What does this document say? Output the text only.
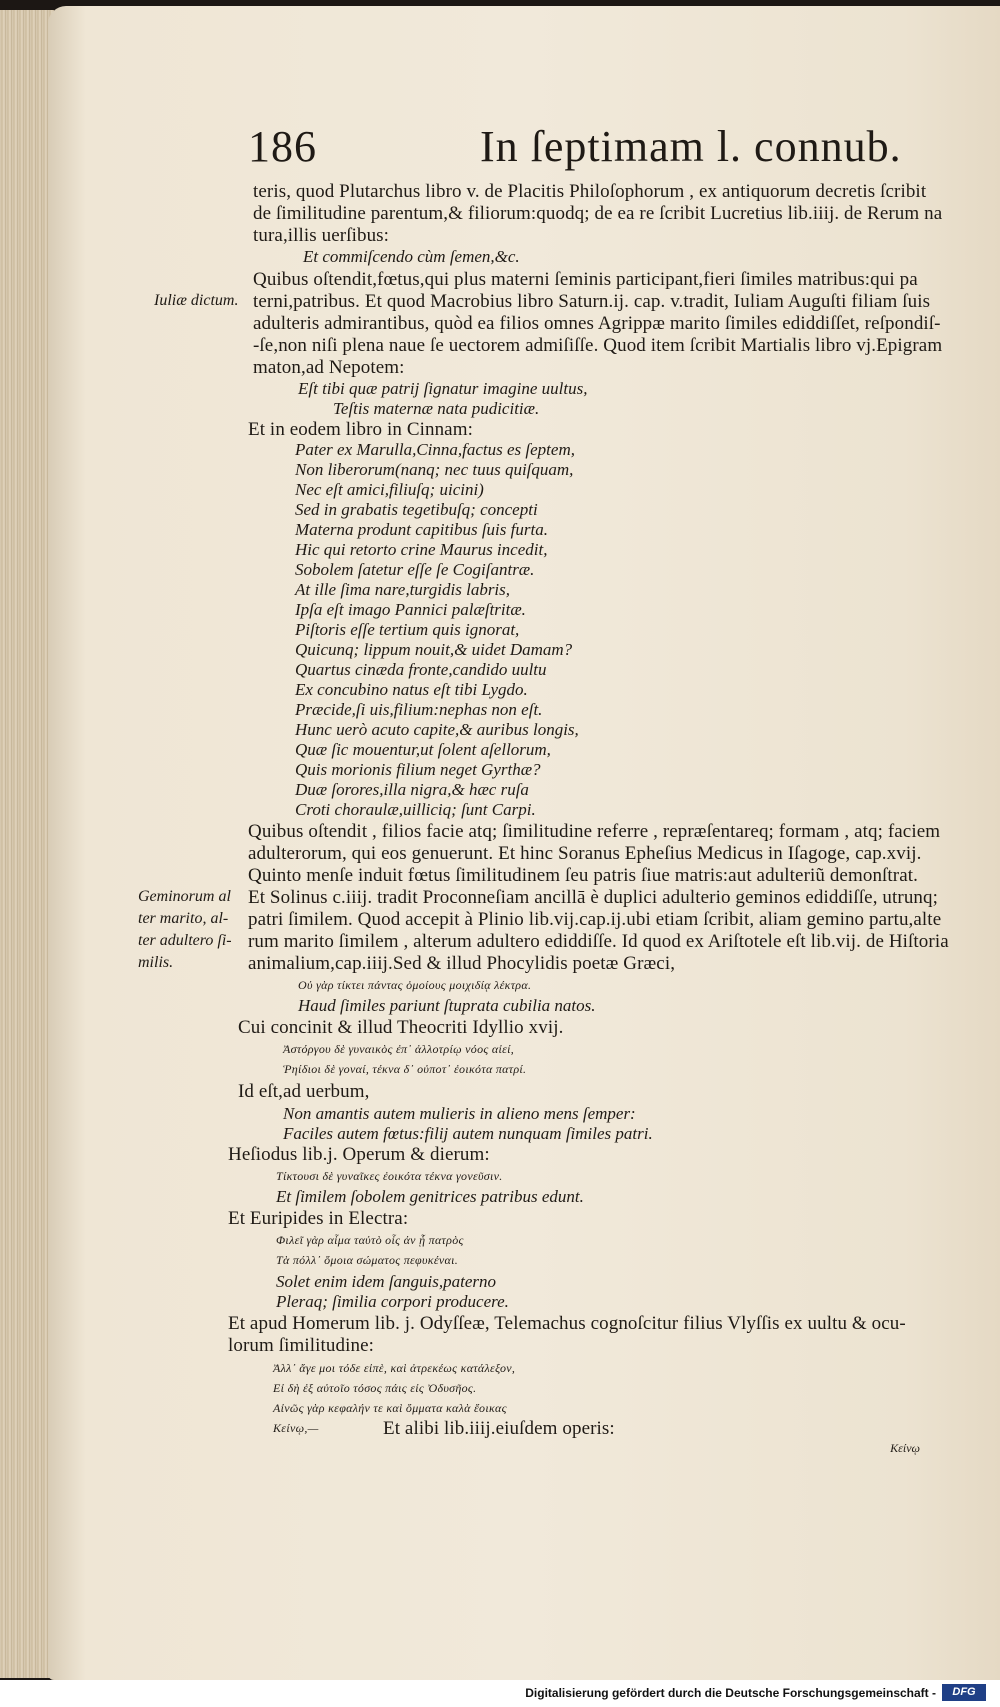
186	In ſeptimam l. connub.
teris, quod Plutarchus libro v. de Placitis Philoſophorum , ex antiquorum decretis ſcribit
de ſimilitudine parentum,& filiorum:quodq; de ea re ſcribit Lucretius lib.iiij. de Rerum na
tura,illis uerſibus:
Et commiſcendo cùm ſemen,&c.
Quibus oſtendit,fœtus,qui plus materni ſeminis participant,fieri ſimiles matribus:qui pa
terni,patribus. Et quod Macrobius libro Saturn.ij. cap. v.tradit, Iuliam Auguſti filiam ſuis
adulteris admirantibus, quòd ea filios omnes Agrippæ marito ſimiles ediddiſſet, reſpondiſ-
-ſe,non niſi plena naue ſe uectorem admiſiſſe. Quod item ſcribit Martialis libro vj.Epigram
maton,ad Nepotem:
Eſt tibi quæ patrij ſignatur imagine uultus,
Teſtis maternæ nata pudicitiæ.
Et in eodem libro in Cinnam:
Pater ex Marulla,Cinna,factus es ſeptem,
Non liberorum(nanq; nec tuus quiſquam,
Nec eſt amici,filiuſq; uicini)
Sed in grabatis tegetibuſq; concepti
Materna produnt capitibus ſuis furta.
Hic qui retorto crine Maurus incedit,
Sobolem ſatetur eſſe ſe Cogiſantræ.
At ille ſima nare,turgidis labris,
Ipſa eſt imago Pannici palæſtritæ.
Piſtoris eſſe tertium quis ignorat,
Quicunq; lippum nouit,& uidet Damam?
Quartus cinæda fronte,candido uultu
Ex concubino natus eſt tibi Lygdo.
Præcide,ſi uis,filium:nephas non eſt.
Hunc uerò acuto capite,& auribus longis,
Quæ ſic mouentur,ut ſolent aſellorum,
Quis morionis filium neget Gyrthæ?
Duæ ſorores,illa nigra,& hæc ruſa
Croti choraulæ,uilliciq; ſunt Carpi.
Quibus oſtendit , filios facie atq; ſimilitudine referre , repræſentareq; formam , atq; faciem
adulterorum, qui eos genuerunt. Et hinc Soranus Epheſius Medicus in Iſagoge, cap.xvij.
Quinto menſe induit fœtus ſimilitudinem ſeu patris ſiue matris:aut adulteriũ demonſtrat.
Et Solinus c.iiij. tradit Proconneſiam ancillā è duplici adulterio geminos ediddiſſe, utrunq;
patri ſimilem. Quod accepit à Plinio lib.vij.cap.ij.ubi etiam ſcribit, aliam gemino partu,alte
rum marito ſimilem , alterum adultero ediddiſſe. Id quod ex Ariſtotele eſt lib.vij. de Hiſtoria
animalium,cap.iiij.Sed & illud Phocylidis poetæ Græci,
Οὐ γὰρ τίκτει πάντας ὁμοίους μοιχιδίᾳ λέκτρα.
Haud ſimiles pariunt ſtuprata cubilia natos.
Cui concinit & illud Theocriti Idyllio xvij.
Ἀστόργου δὲ γυναικὸς ἐπ᾽ ἀλλοτρίῳ νόος αἰεί,
Ῥηίδιοι δὲ γοναί, τέκνα δ᾽ οὐποτ᾽ ἐοικότα πατρί.
Id eſt,ad uerbum,
Non amantis autem mulieris in alieno mens ſemper:
Faciles autem fœtus:filij autem nunquam ſimiles patri.
Heſiodus lib.j. Operum & dierum:
Τίκτουσι δὲ γυναῖκες ἐοικότα τέκνα γονεῦσιν.
Et ſimilem ſobolem genitrices patribus edunt.
Et Euripides in Electra:
Φιλεῖ γὰρ αἷμα ταὐτὸ οἷς ἀν ᾖ πατρὸς
Τὰ πόλλ᾽ ὅμοια σώματος πεφυκέναι.
Solet enim idem ſanguis,paterno
Pleraq; ſimilia corpori producere.
Et apud Homerum lib. j. Odyſſeæ, Telemachus cognoſcitur filius Vlyſſis ex uultu & ocu-
lorum ſimilitudine:
Ἀλλ᾽ ἄγε μοι τόδε εἰπὲ, καὶ ἀτρεκέως κατάλεξον,
Εἰ δὴ ἐξ αὐτοῖο τόσος πάις εἰς Ὀδυσῆος.
Αἰνῶς γὰρ κεφαλήν τε καὶ ὄμματα καλὰ ἔοικας
Κείνῳ,—	Et alibi lib.iiij.eiuſdem operis:
Iuliæ dictum.
Geminorum al
ter marito, al-
ter adultero ſi-
milis.
Κείνῳ
Digitalisierung gefördert durch die Deutsche Forschungsgemeinschaft -	DFG
